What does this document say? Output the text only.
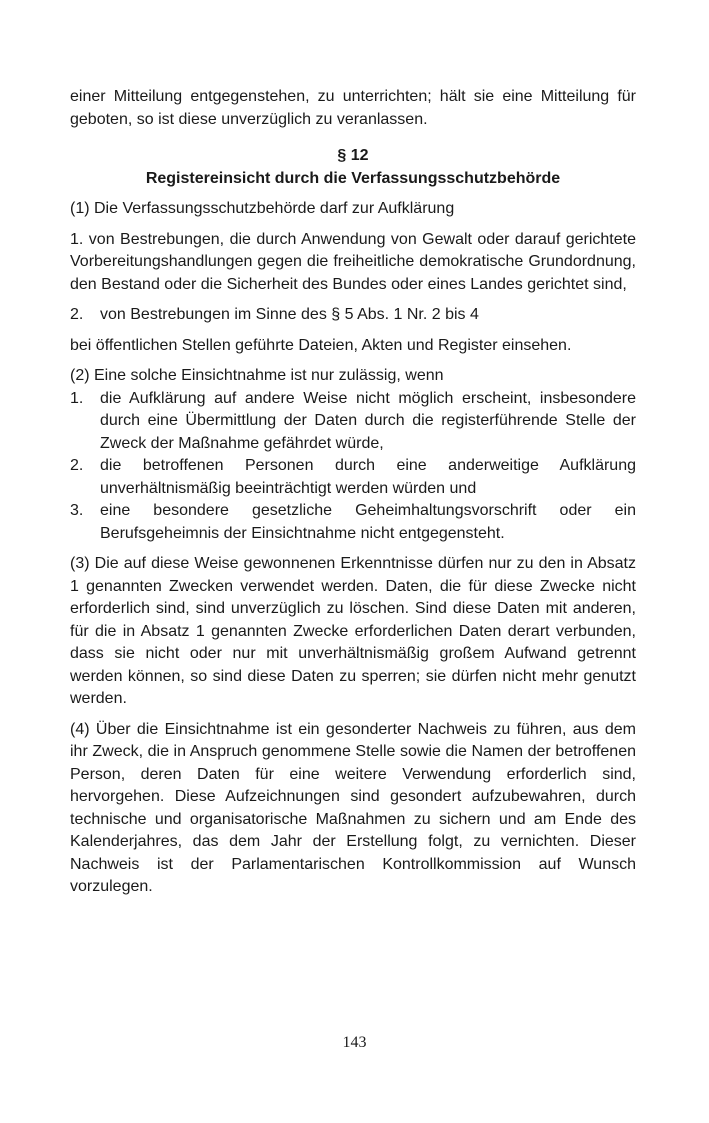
einer Mitteilung entgegenstehen, zu unterrichten; hält sie eine Mitteilung für geboten, so ist diese unverzüglich zu veranlassen.

§ 12
Registereinsicht durch die Verfassungsschutzbehörde

(1) Die Verfassungsschutzbehörde darf zur Aufklärung

1. von Bestrebungen, die durch Anwendung von Gewalt oder darauf gerichtete Vorbereitungshandlungen gegen die freiheitliche demokratische Grundordnung, den Bestand oder die Sicherheit des Bundes oder eines Landes gerichtet sind,

2.	von Bestrebungen im Sinne des § 5 Abs. 1 Nr. 2 bis 4

bei öffentlichen Stellen geführte Dateien, Akten und Register einsehen.

(2) Eine solche Einsichtnahme ist nur zulässig, wenn

1.	die Aufklärung auf andere Weise nicht möglich erscheint, insbesondere durch eine Übermittlung der Daten durch die registerführende Stelle der Zweck der Maßnahme gefährdet würde,
2.	die betroffenen Personen durch eine anderweitige Aufklärung unverhältnismäßig beeinträchtigt werden würden und
3.	eine besondere gesetzliche Geheimhaltungsvorschrift oder ein Berufsgeheimnis der Einsichtnahme nicht entgegensteht.

(3) Die auf diese Weise gewonnenen Erkenntnisse dürfen nur zu den in Absatz 1 genannten Zwecken verwendet werden. Daten, die für diese Zwecke nicht erforderlich sind, sind unverzüglich zu löschen. Sind diese Daten mit anderen, für die in Absatz 1 genannten Zwecke erforderlichen Daten derart verbunden, dass sie nicht oder nur mit unverhältnismäßig großem Aufwand getrennt werden können, so sind diese Daten zu sperren; sie dürfen nicht mehr genutzt werden.

(4) Über die Einsichtnahme ist ein gesonderter Nachweis zu führen, aus dem ihr Zweck, die in Anspruch genommene Stelle sowie die Namen der betroffenen Person, deren Daten für eine weitere Verwendung erforderlich sind, hervorgehen. Diese Aufzeichnungen sind gesondert aufzubewahren, durch technische und organisatorische Maßnahmen zu sichern und am Ende des Kalenderjahres, das dem Jahr der Erstellung folgt, zu vernichten. Dieser Nachweis ist der Parlamentarischen Kontrollkommission auf Wunsch vorzulegen.

143
